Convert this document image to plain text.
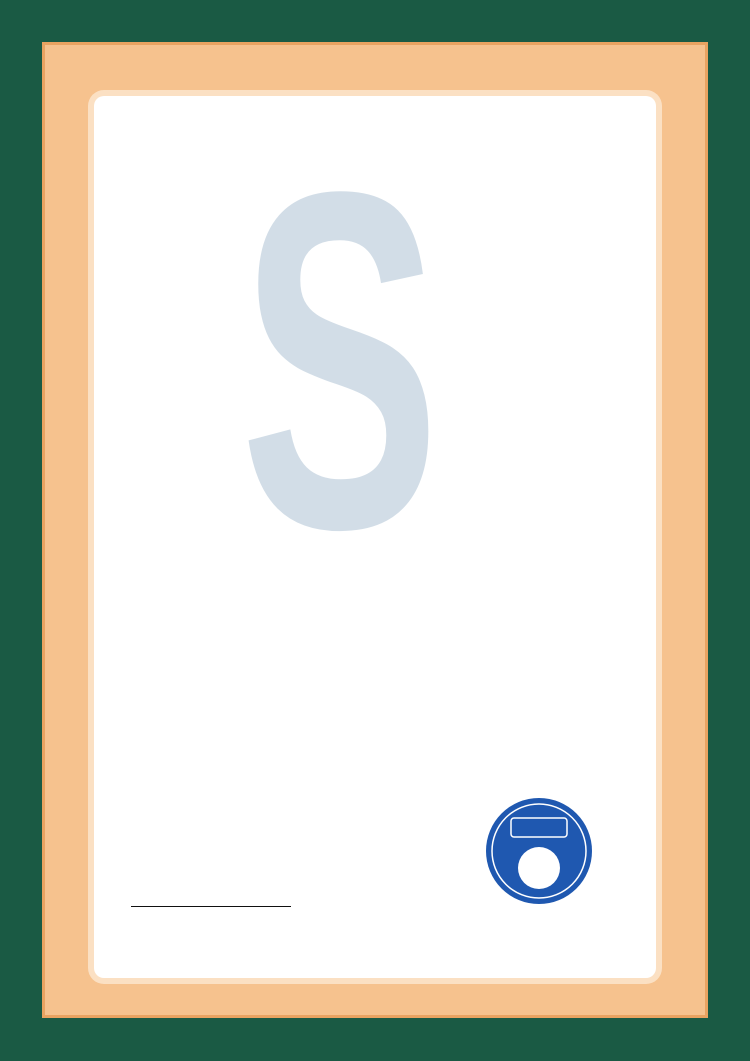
S
